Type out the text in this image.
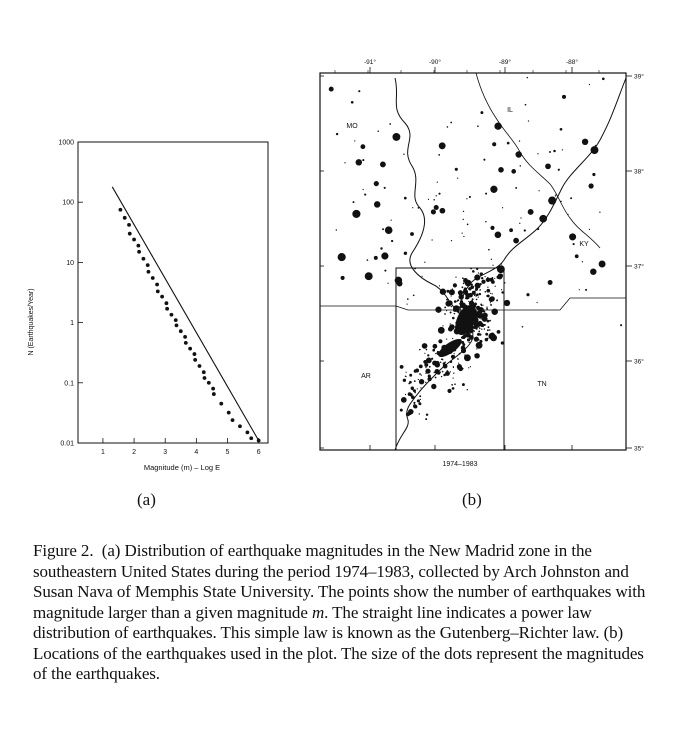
1000
100
10
1
0.1
0.01
1	2	3	4	5	6
N (Earthquakes/Year)
Magnitude (m) – Log E
-91°	-90°	-89°	-88°
39°
38°
37°
36°
35°
MO
IL
KY
AR
TN
1974–1983
(a)	(b)
Figure 2. (a) Distribution of earthquake magnitudes in the New Madrid zone in the southeastern United States during the period 1974–1983, collected by Arch Johnston and Susan Nava of Memphis State University. The points show the number of earthquakes with magnitude larger than a given magnitude m. The straight line indicates a power law distribution of earthquakes. This simple law is known as the Gutenberg–Richter law. (b) Locations of the earthquakes used in the plot. The size of the dots represent the magnitudes of the earthquakes.
